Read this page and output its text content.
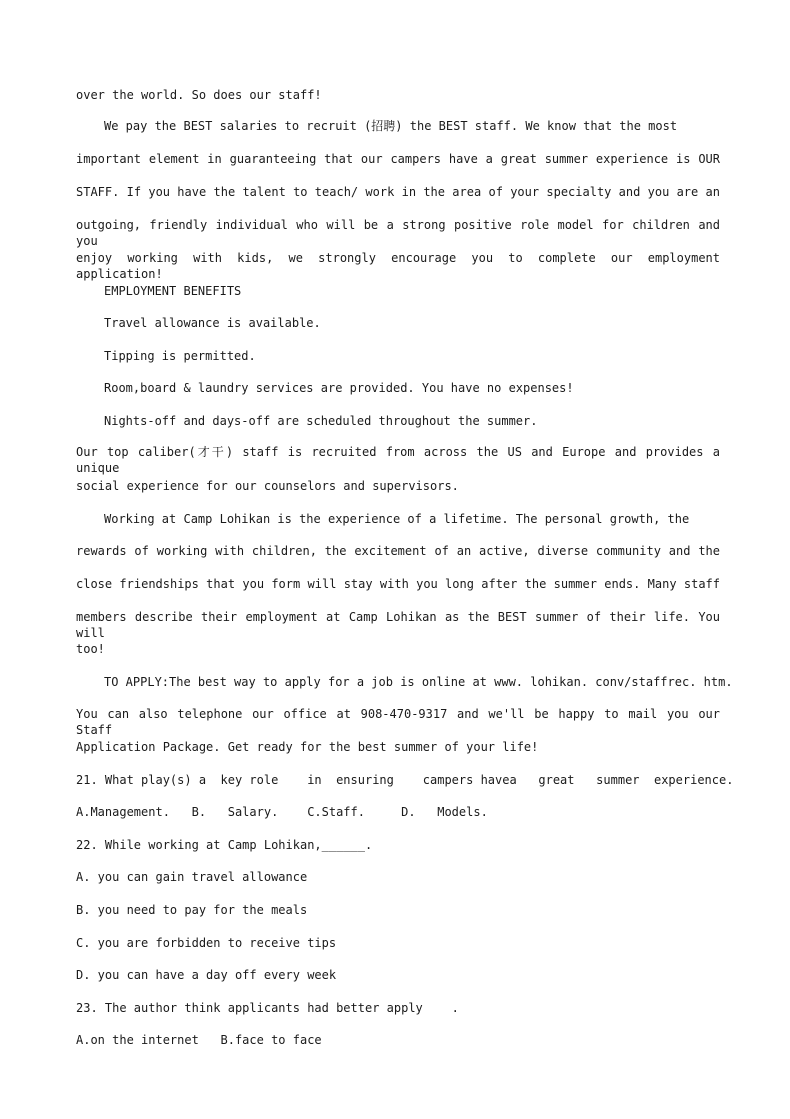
over the world. So does our staff!
We pay the BEST salaries to recruit (招聘) the BEST staff. We know that the most
important element in guaranteeing that our campers have a great summer experience is OUR
STAFF. If you have the talent to teach/ work in the area of your specialty and you are an
outgoing, friendly individual who will be a strong positive role model for children and you
enjoy working with kids, we strongly encourage you to complete our employment application!
EMPLOYMENT BENEFITS
Travel allowance is available.
Tipping is permitted.
Room,board & laundry services are provided. You have no expenses!
Nights-off and days-off are scheduled throughout the summer.
Our top caliber(才干) staff is recruited from across the US and Europe and provides a unique
social experience for our counselors and supervisors.
Working at Camp Lohikan is the experience of a lifetime. The personal growth, the
rewards of working with children, the excitement of an active, diverse community and the
close friendships that you form will stay with you long after the summer ends. Many staff
members describe their employment at Camp Lohikan as the BEST summer of their life. You will
too!
TO APPLY:The best way to apply for a job is online at www. lohikan. conv/staffrec. htm.
You can also telephone our office at 908-470-9317 and we'll be happy to mail you our Staff
Application Package. Get ready for the best summer of your life!
21. What play(s) a  key role    in  ensuring    campers havea   great   summer  experience.
A.Management.   B.   Salary.    C.Staff.     D.   Models.
22. While working at Camp Lohikan,______.
A. you can gain travel allowance
B. you need to pay for the meals
C. you are forbidden to receive tips
D. you can have a day off every week
23. The author think applicants had better apply    .
A.on the internet   B.face to face
